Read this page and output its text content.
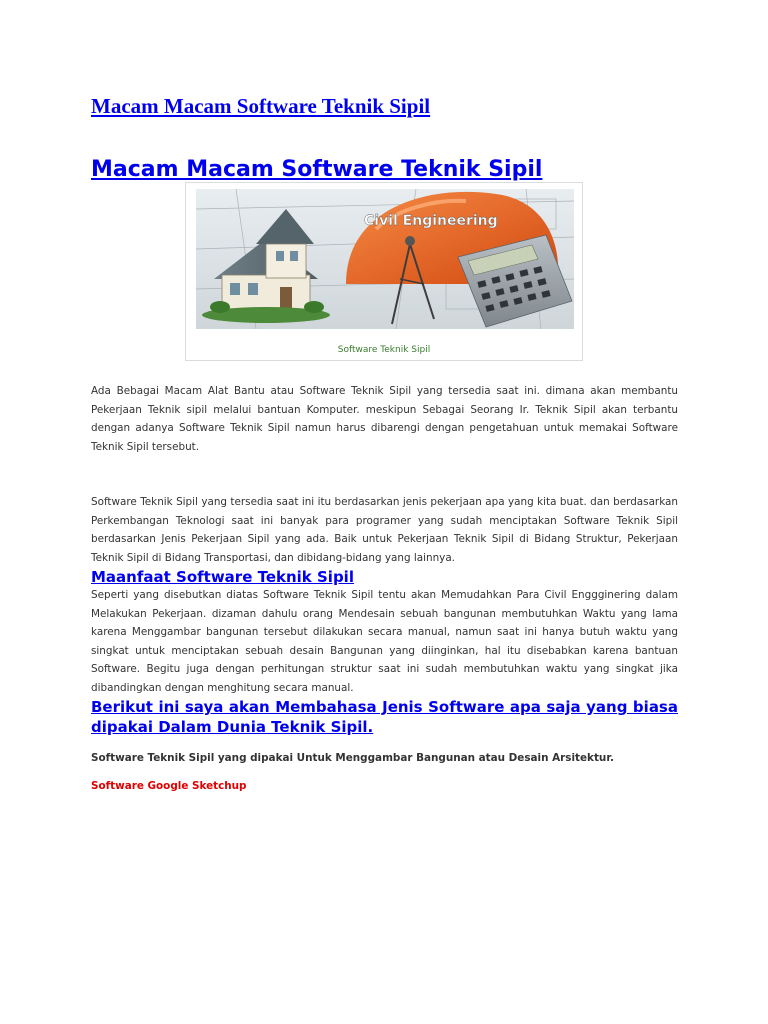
Macam Macam Software Teknik Sipil
Macam Macam Software Teknik Sipil
Civil Engineering
Software Teknik Sipil

Ada Bebagai Macam Alat Bantu atau Software Teknik Sipil yang tersedia saat ini. dimana akan membantu Pekerjaan Teknik sipil melalui bantuan Komputer. meskipun Sebagai Seorang Ir. Teknik Sipil akan terbantu dengan adanya Software Teknik Sipil namun harus dibarengi dengan pengetahuan untuk memakai Software Teknik Sipil tersebut.

Software Teknik Sipil yang tersedia saat ini itu berdasarkan jenis pekerjaan apa yang kita buat. dan berdasarkan Perkembangan Teknologi saat ini banyak para programer yang sudah menciptakan Software Teknik Sipil berdasarkan Jenis Pekerjaan Sipil yang ada. Baik untuk Pekerjaan Teknik Sipil di Bidang Struktur, Pekerjaan Teknik Sipil di Bidang Transportasi, dan dibidang-bidang yang lainnya.

Maanfaat Software Teknik Sipil

Seperti yang disebutkan diatas Software Teknik Sipil tentu akan Memudahkan Para Civil Enggginering dalam Melakukan Pekerjaan. dizaman dahulu orang Mendesain sebuah bangunan membutuhkan Waktu yang lama karena Menggambar bangunan tersebut dilakukan secara manual, namun saat ini hanya butuh waktu yang singkat untuk menciptakan sebuah desain Bangunan yang diinginkan, hal itu disebabkan karena bantuan Software. Begitu juga dengan perhitungan struktur saat ini sudah membutuhkan waktu yang singkat jika dibandingkan dengan menghitung secara manual.

Berikut ini saya akan Membahasa Jenis Software apa saja yang biasa dipakai Dalam Dunia Teknik Sipil.

Software Teknik Sipil yang dipakai Untuk Menggambar Bangunan atau Desain Arsitektur.

Software Google Sketchup
